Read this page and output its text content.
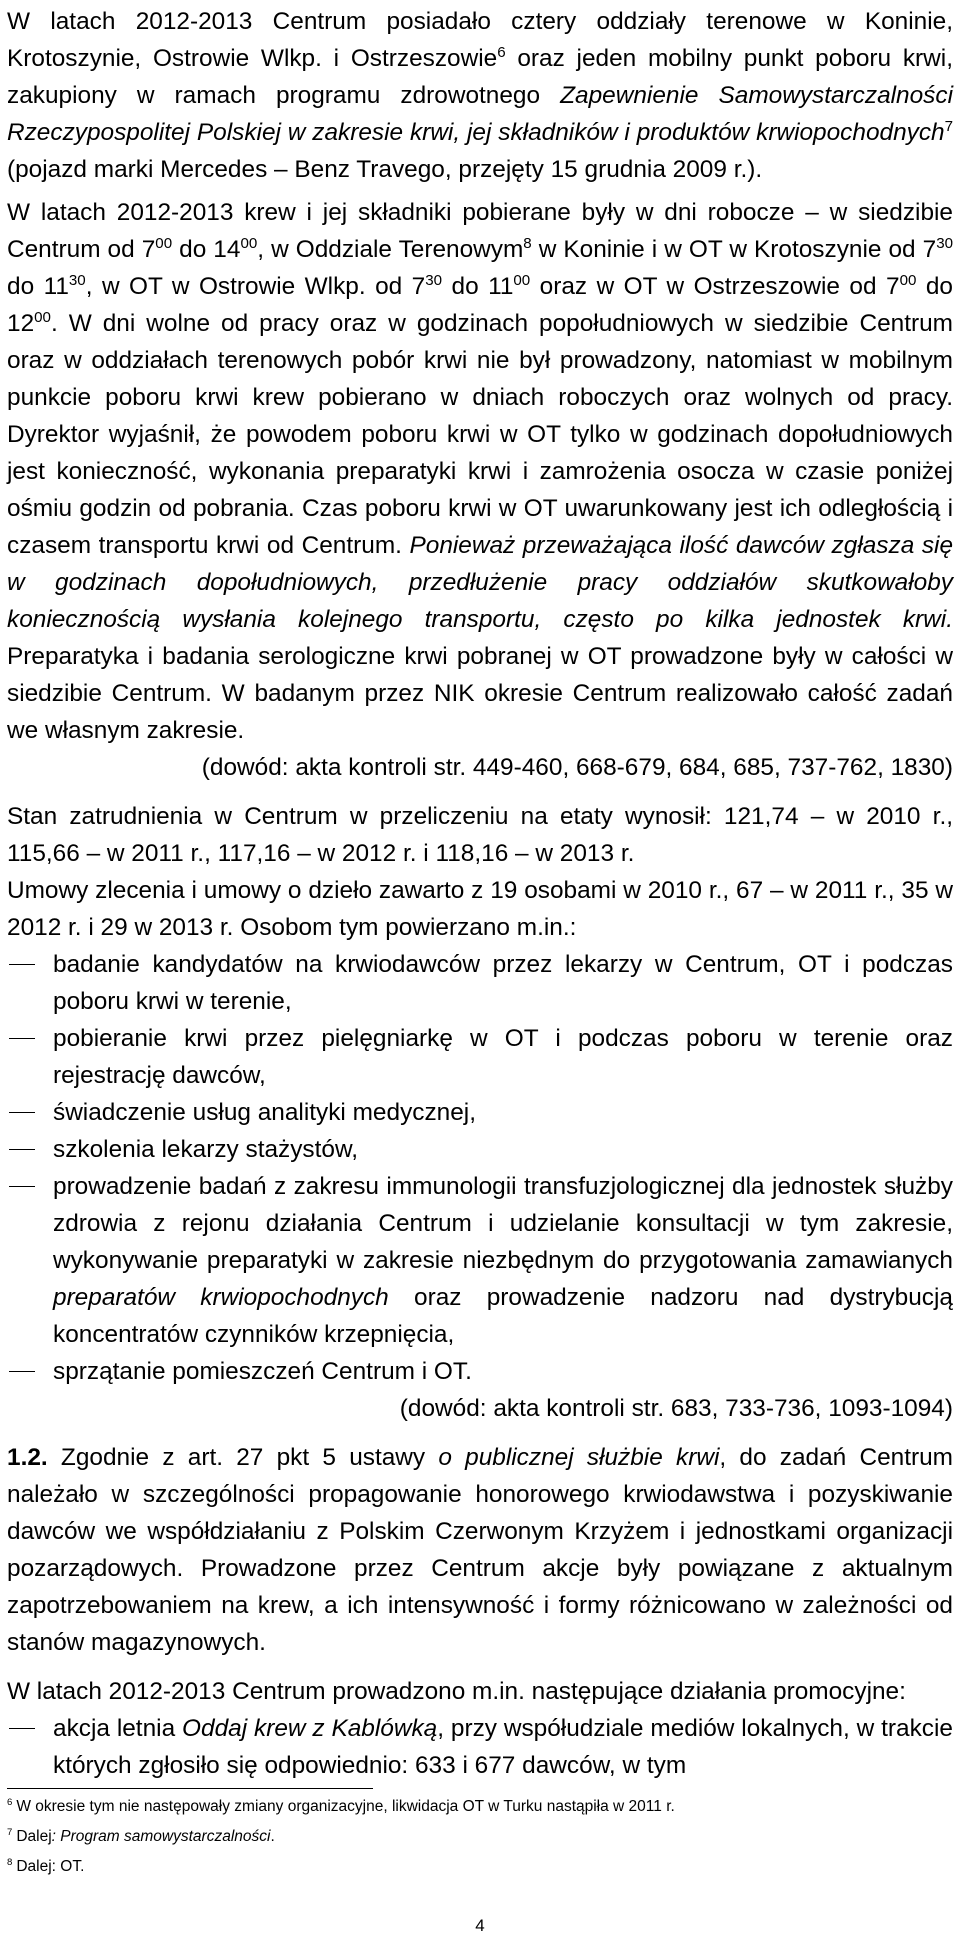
W latach 2012-2013 Centrum posiadało cztery oddziały terenowe w Koninie, Krotoszynie, Ostrowie Wlkp. i Ostrzeszowie$^6$ oraz jeden mobilny punkt poboru krwi, zakupiony w ramach programu zdrowotnego Zapewnienie Samowystarczalności Rzeczypospolitej Polskiej w zakresie krwi, jej składników i produktów krwiopochodnych$^7$ (pojazd marki Mercedes – Benz Travego, przejęty 15 grudnia 2009 r.).

W latach 2012-2013 krew i jej składniki pobierane były w dni robocze – w siedzibie Centrum od $7^{00}$ do $14^{00}$, w Oddziale Terenowym$^8$ w Koninie i w OT w Krotoszynie od $7^{30}$ do $11^{30}$, w OT w Ostrowie Wlkp. od $7^{30}$ do $11^{00}$ oraz w OT w Ostrzeszowie od $7^{00}$ do $12^{00}$. W dni wolne od pracy oraz w godzinach popołudniowych w siedzibie Centrum oraz w oddziałach terenowych pobór krwi nie był prowadzony, natomiast w mobilnym punkcie poboru krwi krew pobierano w dniach roboczych oraz wolnych od pracy. Dyrektor wyjaśnił, że powodem poboru krwi w OT tylko w godzinach dopołudniowych jest konieczność, wykonania preparatyki krwi i zamrożenia osocza w czasie poniżej ośmiu godzin od pobrania. Czas poboru krwi w OT uwarunkowany jest ich odległością i czasem transportu krwi od Centrum. Ponieważ przeważająca ilość dawców zgłasza się w godzinach dopołudniowych, przedłużenie pracy oddziałów skutkowałoby koniecznością wysłania kolejnego transportu, często po kilka jednostek krwi. Preparatyka i badania serologiczne krwi pobranej w OT prowadzone były w całości w siedzibie Centrum. W badanym przez NIK okresie Centrum realizowało całość zadań we własnym zakresie.

(dowód: akta kontroli str. 449-460, 668-679, 684, 685, 737-762, 1830)

Stan zatrudnienia w Centrum w przeliczeniu na etaty wynosił: 121,74 – w 2010 r., 115,66 – w 2011 r., 117,16 – w 2012 r. i 118,16 – w 2013 r.

Umowy zlecenia i umowy o dzieło zawarto z 19 osobami w 2010 r., 67 – w 2011 r., 35 w 2012 r. i 29 w 2013 r. Osobom tym powierzano m.in.:

badanie kandydatów na krwiodawców przez lekarzy w Centrum, OT i podczas poboru krwi w terenie,
pobieranie krwi przez pielęgniarkę w OT i podczas poboru w terenie oraz rejestrację dawców,
świadczenie usług analityki medycznej,
szkolenia lekarzy stażystów,
prowadzenie badań z zakresu immunologii transfuzjologicznej dla jednostek służby zdrowia z rejonu działania Centrum i udzielanie konsultacji w tym zakresie, wykonywanie preparatyki w zakresie niezbędnym do przygotowania zamawianych preparatów krwiopochodnych oraz prowadzenie nadzoru nad dystrybucją koncentratów czynników krzepnięcia,
sprzątanie pomieszczeń Centrum i OT.

(dowód: akta kontroli str. 683, 733-736, 1093-1094)

1.2. Zgodnie z art. 27 pkt 5 ustawy o publicznej służbie krwi, do zadań Centrum należało w szczególności propagowanie honorowego krwiodawstwa i pozyskiwanie dawców we współdziałaniu z Polskim Czerwonym Krzyżem i jednostkami organizacji pozarządowych. Prowadzone przez Centrum akcje były powiązane z aktualnym zapotrzebowaniem na krew, a ich intensywność i formy różnicowano w zależności od stanów magazynowych.

W latach 2012-2013 Centrum prowadzono m.in. następujące działania promocyjne:

akcja letnia Oddaj krew z Kablówką, przy współudziale mediów lokalnych, w trakcie których zgłosiło się odpowiednio: 633 i 677 dawców, w tym

$^6$ W okresie tym nie następowały zmiany organizacyjne, likwidacja OT w Turku nastąpiła w 2011 r.

$^7$ Dalej: Program samowystarczalności.

$^8$ Dalej: OT.

4
